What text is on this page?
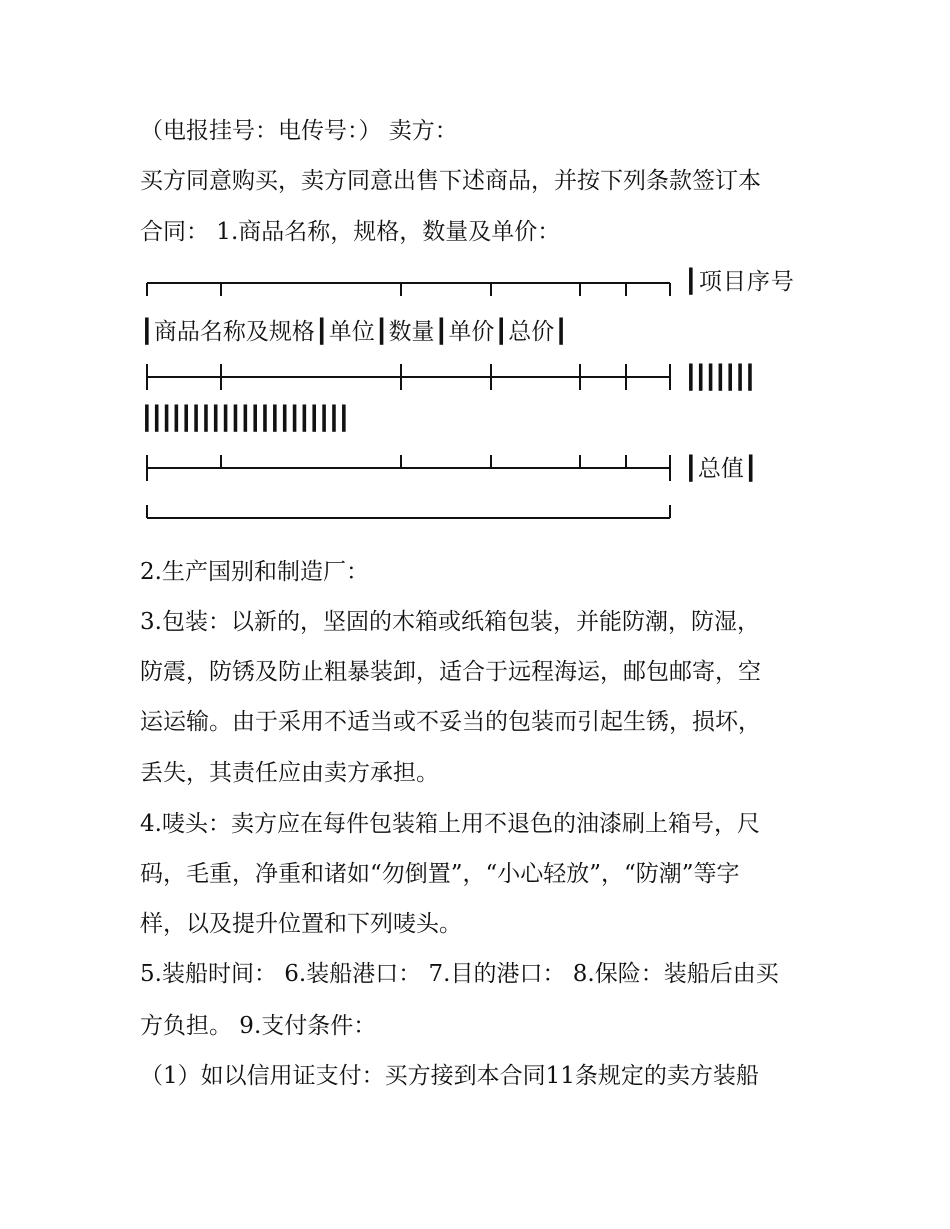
（电报挂号：电传号：） 卖方：
买方同意购买，卖方同意出售下述商品，并按下列条款签订本
合同： 1.商品名称，规格，数量及单价：
┃项目序号
┃商品名称及规格┃单位┃数量┃单价┃总价┃
┃┃┃┃┃┃┃
┃┃┃┃┃┃┃┃┃┃┃┃┃┃┃┃┃┃┃┃┃
┃总值┃
2.生产国别和制造厂：
3.包装：以新的，坚固的木箱或纸箱包装，并能防潮，防湿，
防震，防锈及防止粗暴装卸，适合于远程海运，邮包邮寄，空
运运输。由于采用不适当或不妥当的包装而引起生锈，损坏，
丢失，其责任应由卖方承担。
4.唛头：卖方应在每件包装箱上用不退色的油漆刷上箱号，尺
码，毛重，净重和诸如“勿倒置”，“小心轻放”，“防潮”等字
样，以及提升位置和下列唛头。
5.装船时间： 6.装船港口： 7.目的港口： 8.保险：装船后由买
方负担。 9.支付条件：
（1）如以信用证支付：买方接到本合同11条规定的卖方装船
